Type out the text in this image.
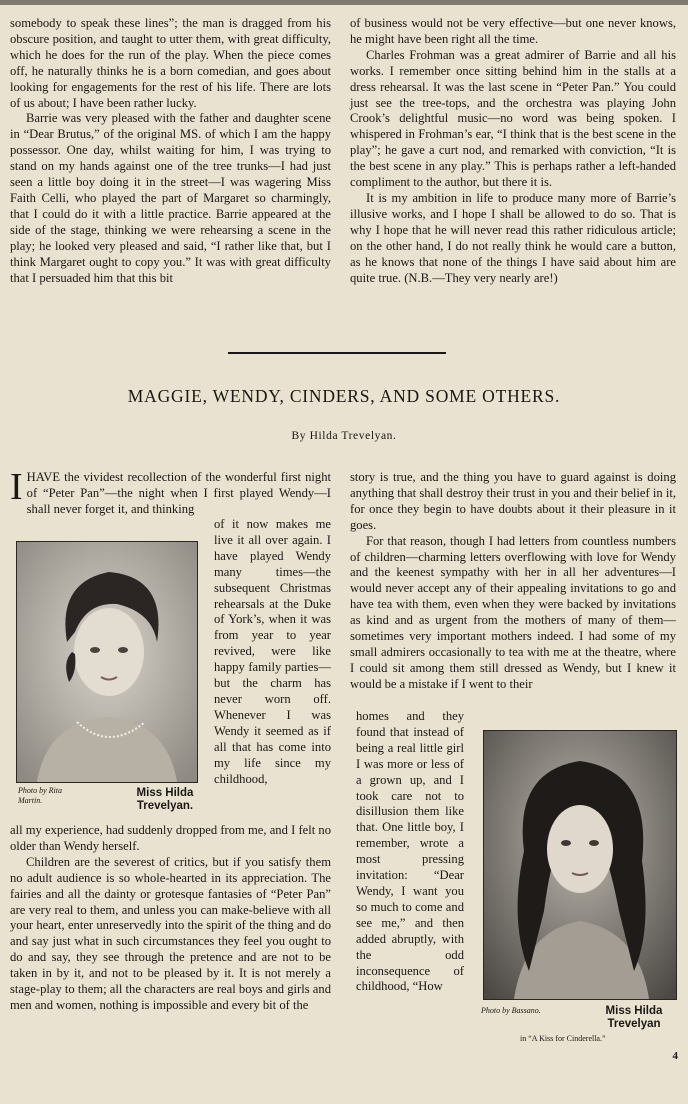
somebody to speak these lines”; the man is dragged from his obscure position, and taught to utter them, with great difficulty, which he does for the run of the play. When the piece comes off, he naturally thinks he is a born comedian, and goes about looking for engagements for the rest of his life. There are lots of us about; I have been rather lucky.

Barrie was very pleased with the father and daughter scene in “Dear Brutus,” of the original MS. of which I am the happy possessor. One day, whilst waiting for him, I was trying to stand on my hands against one of the tree trunks—I had just seen a little boy doing it in the street—I was wagering Miss Faith Celli, who played the part of Margaret so charmingly, that I could do it with a little practice. Barrie appeared at the side of the stage, thinking we were rehearsing a scene in the play; he looked very pleased and said, “I rather like that, but I think Margaret ought to copy you.” It was with great difficulty that I persuaded him that this bit

of business would not be very effective—but one never knows, he might have been right all the time.

Charles Frohman was a great admirer of Barrie and all his works. I remember once sitting behind him in the stalls at a dress rehearsal. It was the last scene in “Peter Pan.” You could just see the tree-tops, and the orchestra was playing John Crook’s delightful music—no word was being spoken. I whispered in Frohman’s ear, “I think that is the best scene in the play”; he gave a curt nod, and remarked with conviction, “It is the best scene in any play.” This is perhaps rather a left-handed compliment to the author, but there it is.

It is my ambition in life to produce many more of Barrie’s illusive works, and I hope I shall be allowed to do so. That is why I hope that he will never read this rather ridiculous article; on the other hand, I do not really think he would care a button, as he knows that none of the things I have said about him are quite true. (N.B.—They very nearly are!)

MAGGIE, WENDY, CINDERS, AND SOME OTHERS.
By Hilda Trevelyan.

IHAVE the vividest recollection of the wonderful first night of “Peter Pan”—the night when I first played Wendy—I shall never forget it, and thinking

Photo by Rita Martin.
Miss Hilda Trevelyan.
of it now makes me live it all over again. I have played Wendy many times—the subsequent Christmas rehearsals at the Duke of York’s, when it was from year to year revived, were like happy family parties—but the charm has never worn off. Whenever I was Wendy it seemed as if all that has come into my life since my childhood,

all my experience, had suddenly dropped from me, and I felt no older than Wendy herself.

Children are the severest of critics, but if you satisfy them no adult audience is so whole-hearted in its appreciation. The fairies and all the dainty or grotesque fantasies of “Peter Pan” are very real to them, and unless you can make-believe with all your heart, enter unreservedly into the spirit of the thing and do and say just what in such circumstances they feel you ought to do and say, they see through the pretence and are not to be taken in by it, and not to be pleased by it. It is not merely a stage-play to them; all the characters are real boys and girls and men and women, nothing is impossible and every bit of the

story is true, and the thing you have to guard against is doing anything that shall destroy their trust in you and their belief in it, for once they begin to have doubts about it their pleasure in it goes.

For that reason, though I had letters from countless numbers of children—charming letters overflowing with love for Wendy and the keenest sympathy with her in all her adventures—I would never accept any of their appealing invitations to go and have tea with them, even when they were backed by invitations as kind and as urgent from the mothers of many of them—sometimes very important mothers indeed. I had some of my small admirers occasionally to tea with me at the theatre, where I could sit among them still dressed as Wendy, but I knew it would be a mistake if I went to their

homes and they found that instead of being a real little girl I was more or less of a grown up, and I took care not to disillusion them like that. One little boy, I remember, wrote a most pressing invitation: “Dear Wendy, I want you so much to come and see me,” and then added abruptly, with the odd inconsequence of childhood, “How
Photo by Bassano.	Miss Hilda Trevelyan
in “A Kiss for Cinderella.”
4
